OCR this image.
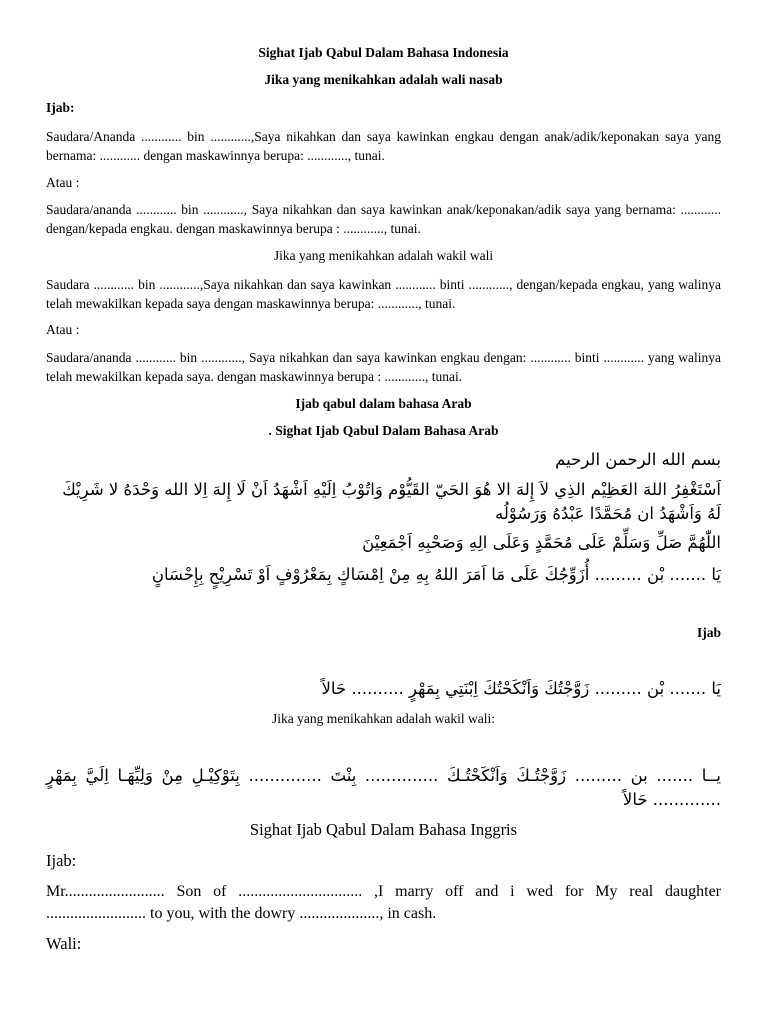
Sighat Ijab Qabul Dalam Bahasa Indonesia

Jika yang menikahkan adalah wali nasab

Ijab:

Saudara/Ananda ............ bin ............,Saya nikahkan dan saya kawinkan engkau dengan anak/adik/keponakan saya yang bernama: ............ dengan maskawinnya berupa: ............, tunai.

Atau :

Saudara/ananda ............ bin ............, Saya nikahkan dan saya kawinkan anak/keponakan/adik saya yang bernama: ............ dengan/kepada engkau. dengan maskawinnya berupa : ............, tunai.

Jika yang menikahkan adalah wakil wali

Saudara ............ bin ............,Saya nikahkan dan saya kawinkan ............ binti ............, dengan/kepada engkau, yang walinya telah mewakilkan kepada saya dengan maskawinnya berupa: ............, tunai.

Atau :

Saudara/ananda ............ bin ............, Saya nikahkan dan saya kawinkan engkau dengan: ............ binti ............ yang walinya telah mewakilkan kepada saya. dengan maskawinnya berupa : ............, tunai.

Ijab qabul dalam bahasa Arab

. Sighat Ijab Qabul Dalam Bahasa Arab

بسم الله الرحمن الرحيم

اَسْتَغْفِرُ اللهَ العَظِيْم الذِي لاَ إِلهَ الا هُوَ الحَيّ القَيُّوْم وَاتُوْبُ اِلَيْهِ اَشْهَدُ اَنْ لَا إِلهَ اِلا الله وَحْدَهُ لا شَرِيْكَ لَهُ وَاَشْهَدُ ان مُحَمَّدًا عَبْدُهُ وَرَسُوْلُه

اللّٰهُمَّ صَلِّ وَسَلِّمْ عَلَى مُحَمَّدٍ وَعَلَى الِهِ وَصَحْبِهِ اَجْمَعِيْنَ

يَا ....... بْن ......... أُزَوِّجُكَ عَلَى مَا اَمَرَ اللهُ بِهِ مِنْ اِمْسَاكٍ بِمَعْرُوْفٍ اَوْ تَسْرِيْحٍ بِإِحْسَانٍ

Ijab

يَا ....... بْن ......... زَوَّجْتُكَ وَاَنْكَحْتُكَ اِبْنَتِي بِمَهْرٍ .......... حَالاً

Jika yang menikahkan adalah wakil wali:

يــا ....... بن ......... زَوَّجْتُـكَ وَاَنْكَحْتُـكَ .............. بِنْتَ .............. بِتَوْكِيْـلِ مِنْ وَلِيِّهَـا اِلَيَّ بِمَهْرٍ ............. حَالاً

Sighat Ijab Qabul Dalam Bahasa Inggris

Ijab:

Mr......................... Son of ............................... ,I marry off and i wed for My real daughter ......................... to you, with the dowry ...................., in cash.

Wali:
